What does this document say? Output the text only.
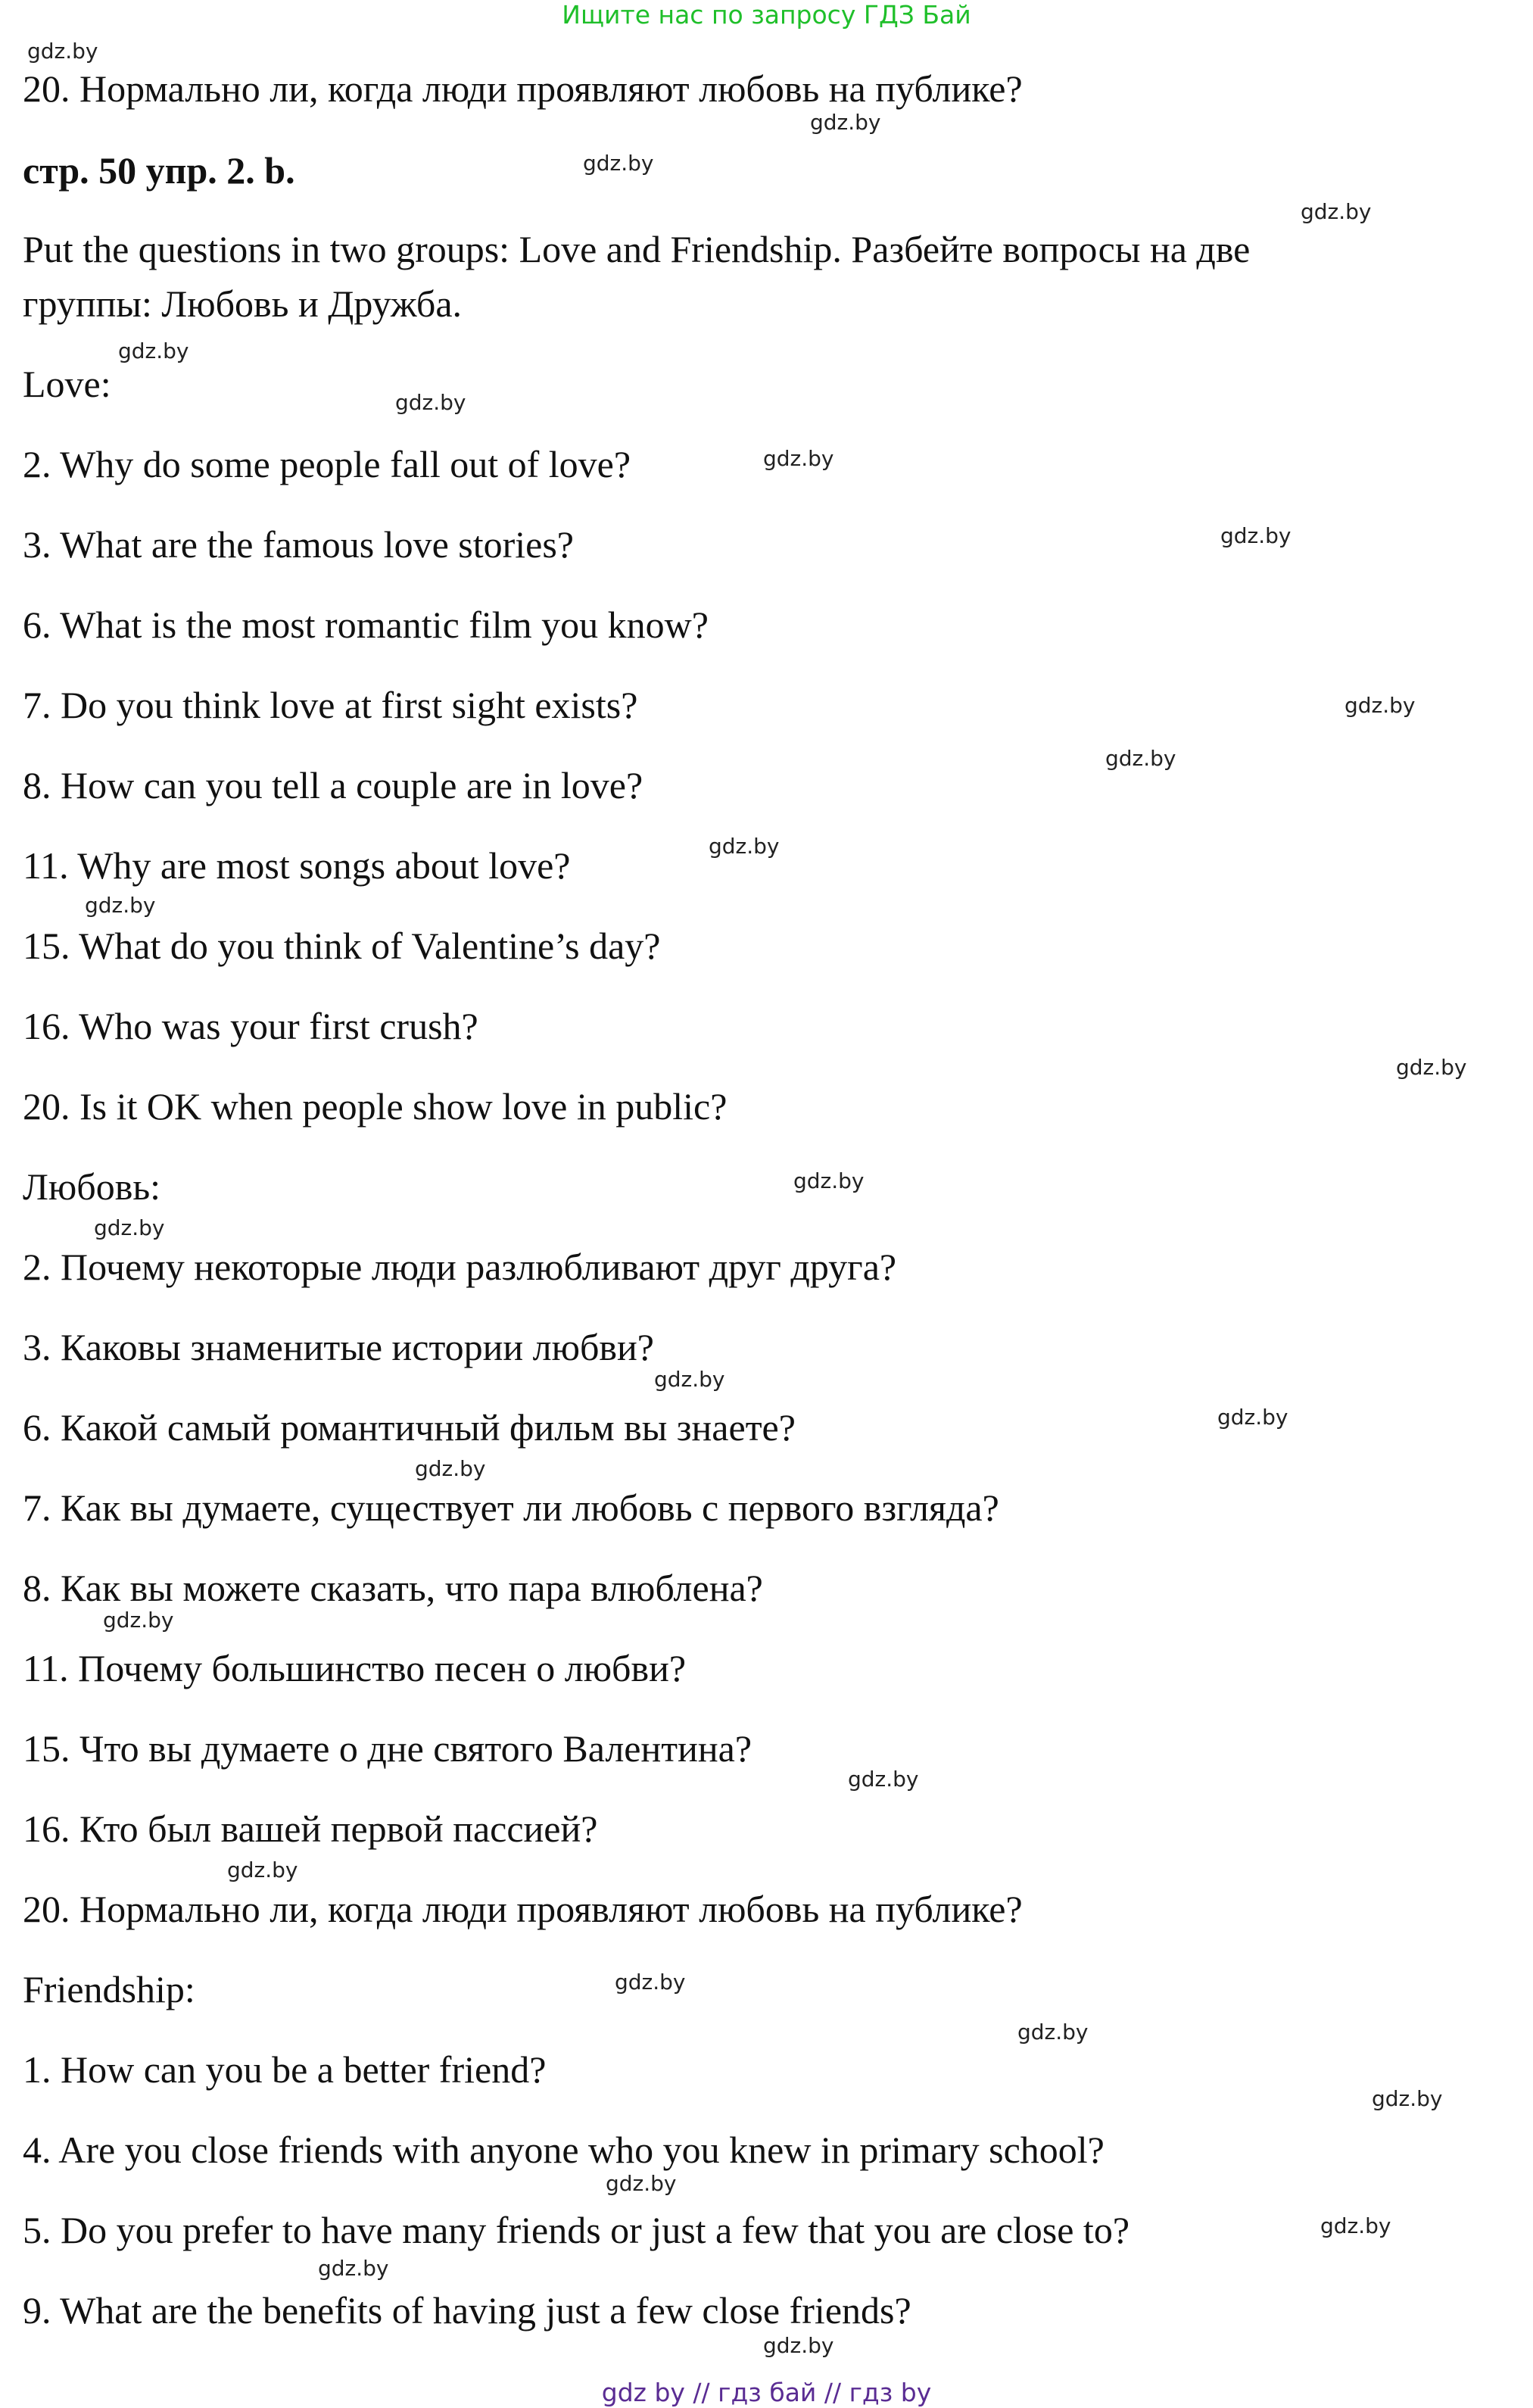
Ищите нас по запросу ГДЗ Бай
20. Нормально ли, когда люди проявляют любовь на публике?
стр. 50 упр. 2. b.
Put the questions in two groups: Love and Friendship. Разбейте вопросы на две
группы: Любовь и Дружба.
Love:
2. Why do some people fall out of love?
3. What are the famous love stories?
6. What is the most romantic film you know?
7. Do you think love at first sight exists?
8. How can you tell a couple are in love?
11. Why are most songs about love?
15. What do you think of Valentine’s day?
16. Who was your first crush?
20. Is it OK when people show love in public?
Любовь:
2. Почему некоторые люди разлюбливают друг друга?
3. Каковы знаменитые истории любви?
6. Какой самый романтичный фильм вы знаете?
7. Как вы думаете, существует ли любовь с первого взгляда?
8. Как вы можете сказать, что пара влюблена?
11. Почему большинство песен о любви?
15. Что вы думаете о дне святого Валентина?
16. Кто был вашей первой пассией?
20. Нормально ли, когда люди проявляют любовь на публике?
Friendship:
1. How can you be a better friend?
4. Are you close friends with anyone who you knew in primary school?
5. Do you prefer to have many friends or just a few that you are close to?
9. What are the benefits of having just a few close friends?
gdz.by
gdz.by
gdz.by
gdz.by
gdz.by
gdz.by
gdz.by
gdz.by
gdz.by
gdz.by
gdz.by
gdz.by
gdz.by
gdz.by
gdz.by
gdz.by
gdz.by
gdz.by
gdz.by
gdz.by
gdz.by
gdz.by
gdz.by
gdz.by
gdz.by
gdz.by
gdz.by
gdz.by
gdz by // гдз бай // гдз by
